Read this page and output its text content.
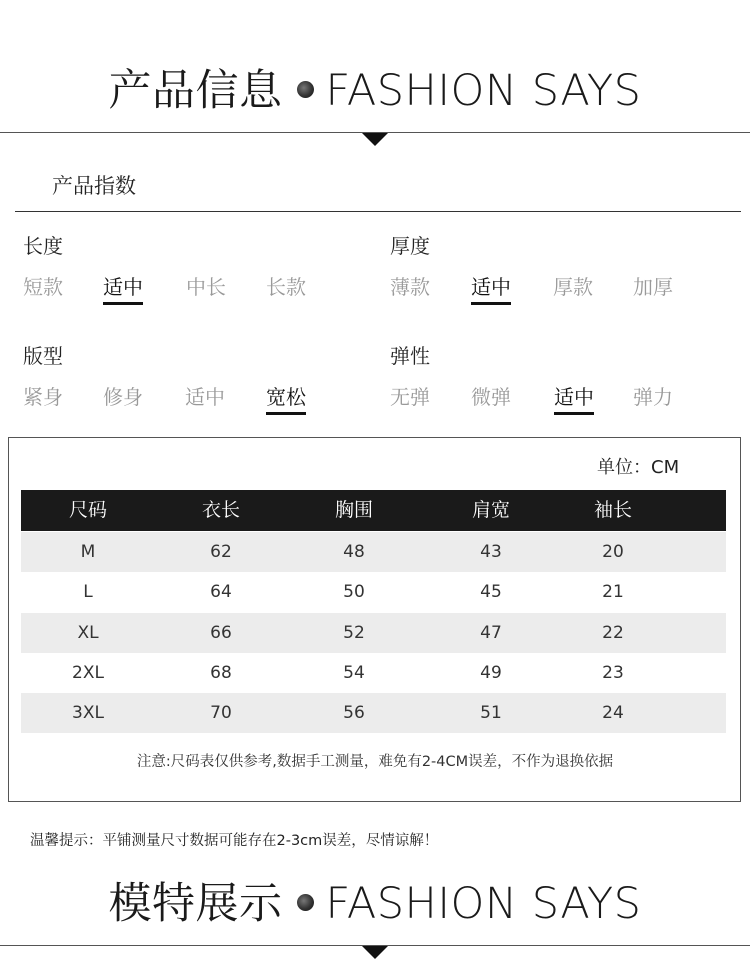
产品信息 FASHION SAYS
产品指数
长度
短款 适中 中长 长款
厚度
薄款 适中 厚款 加厚
版型
紧身 修身 适中 宽松
弹性
无弹 微弹 适中 弹力
单位：CM
尺码	衣长	胸围	肩宽	袖长
M	62	48	43	20
L	64	50	45	21
XL	66	52	47	22
2XL	68	54	49	23
3XL	70	56	51	24
注意:尺码表仅供参考,数据手工测量，难免有2-4CM误差，不作为退换依据
温馨提示：平铺测量尺寸数据可能存在2-3cm误差，尽情谅解！
模特展示 FASHION SAYS
